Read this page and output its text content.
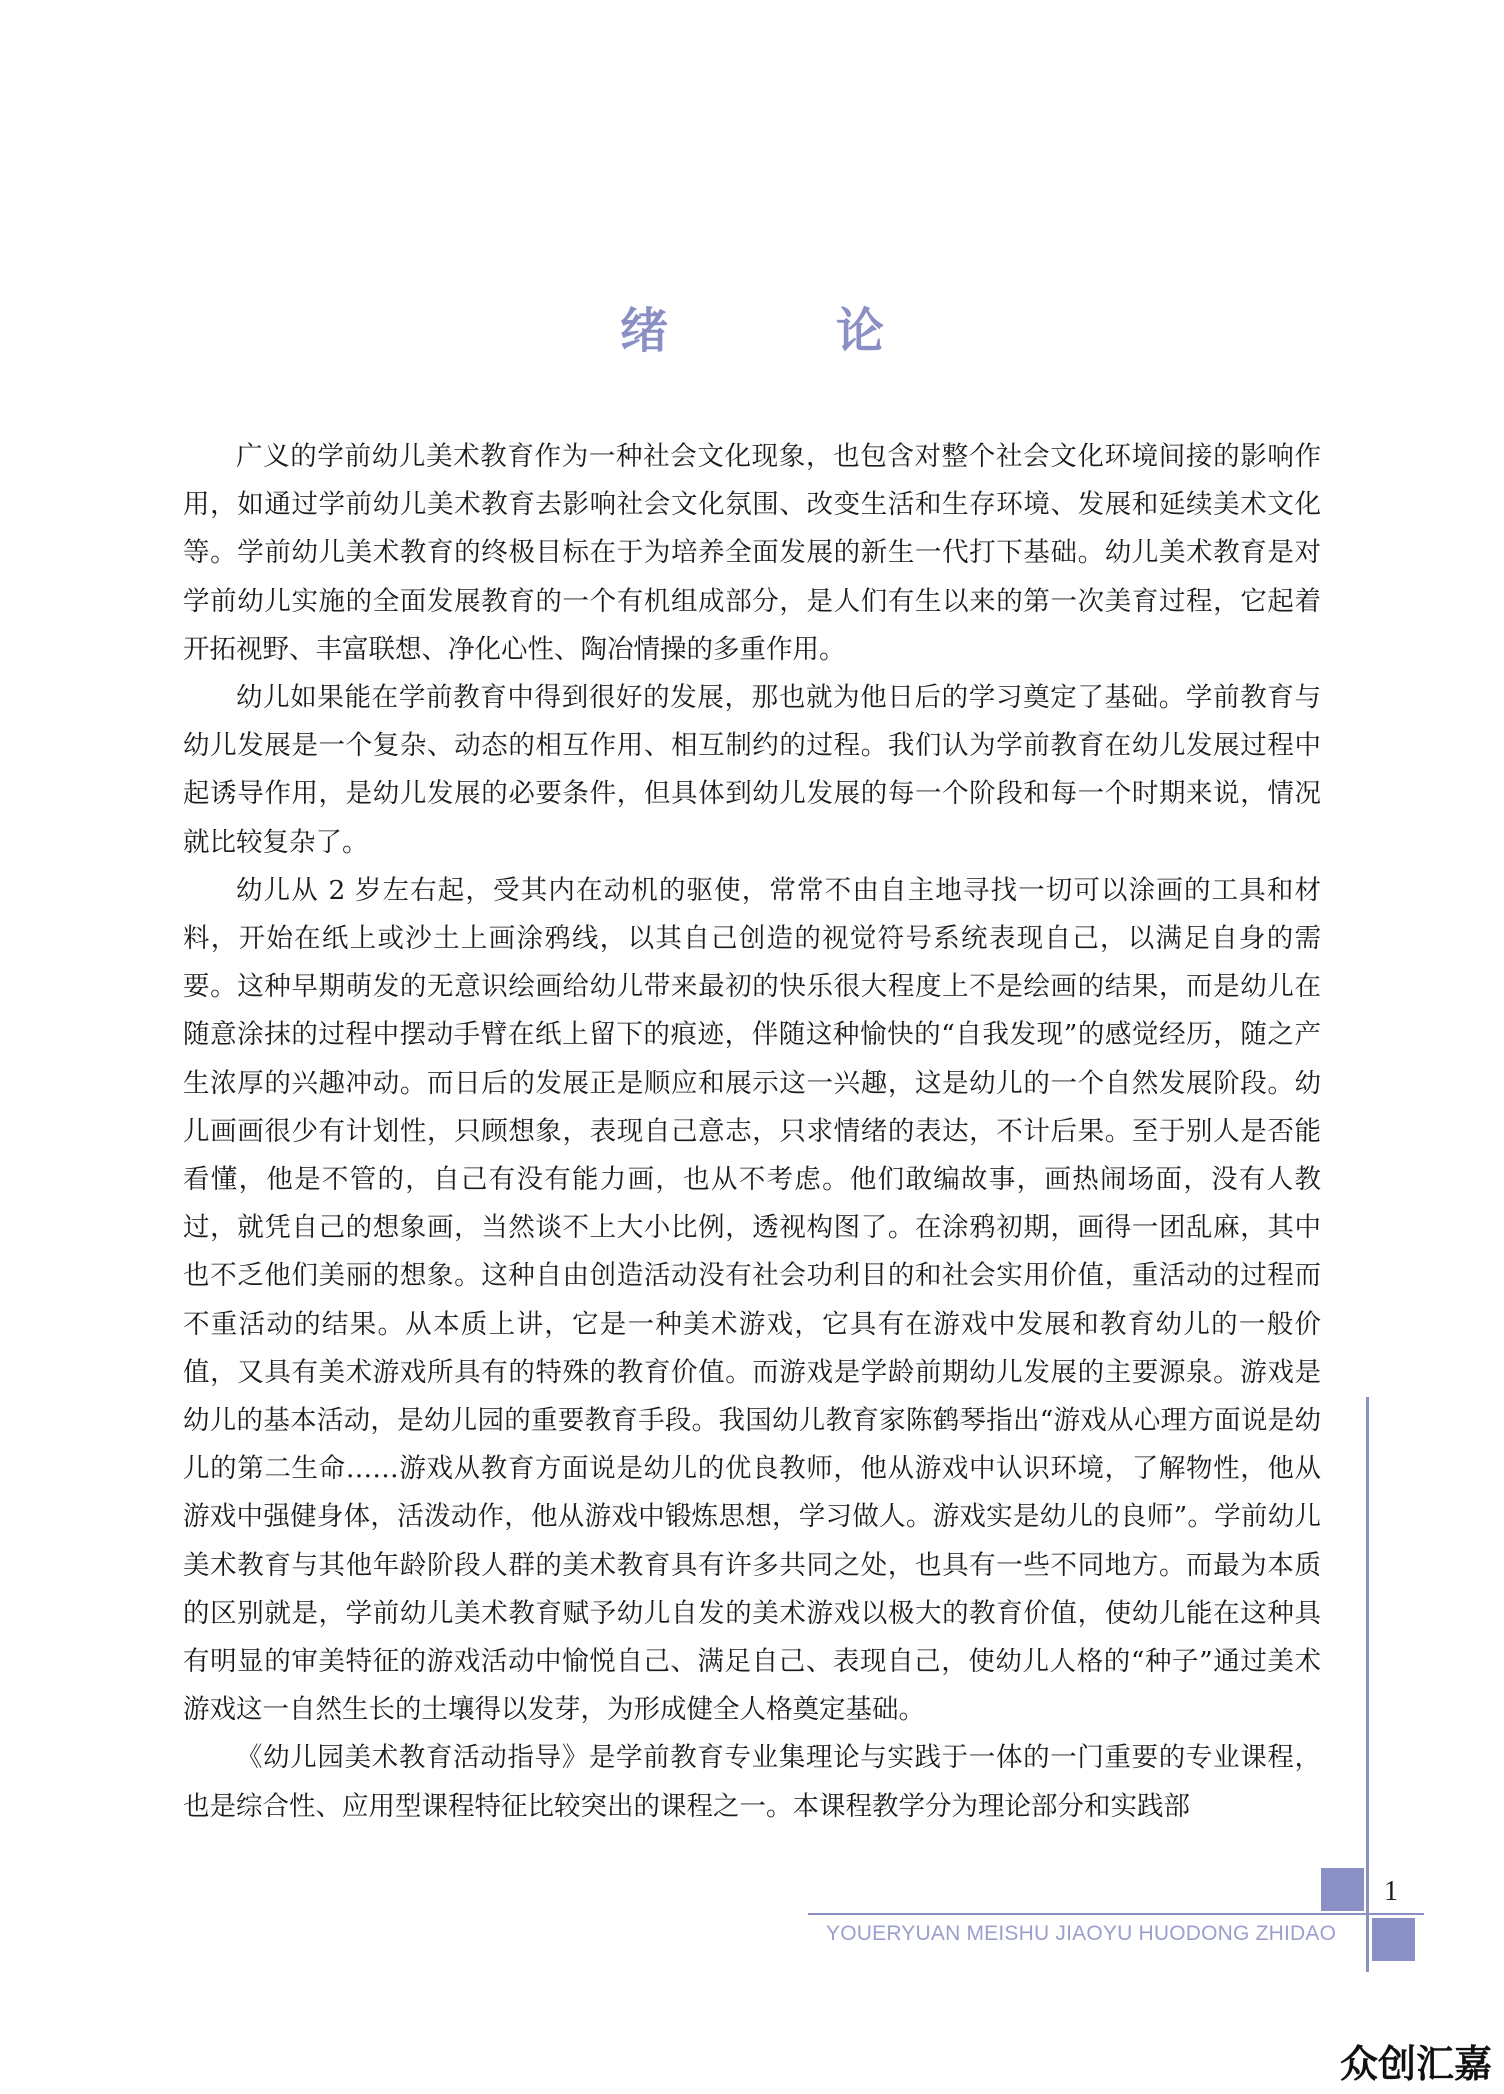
绪　论

广义的学前幼儿美术教育作为一种社会文化现象，也包含对整个社会文化环境间接的影响作用，如通过学前幼儿美术教育去影响社会文化氛围、改变生活和生存环境、发展和延续美术文化等。学前幼儿美术教育的终极目标在于为培养全面发展的新生一代打下基础。幼儿美术教育是对学前幼儿实施的全面发展教育的一个有机组成部分，是人们有生以来的第一次美育过程，它起着开拓视野、丰富联想、净化心性、陶冶情操的多重作用。

幼儿如果能在学前教育中得到很好的发展，那也就为他日后的学习奠定了基础。学前教育与幼儿发展是一个复杂、动态的相互作用、相互制约的过程。我们认为学前教育在幼儿发展过程中起诱导作用，是幼儿发展的必要条件，但具体到幼儿发展的每一个阶段和每一个时期来说，情况就比较复杂了。

幼儿从 2 岁左右起，受其内在动机的驱使，常常不由自主地寻找一切可以涂画的工具和材料，开始在纸上或沙土上画涂鸦线，以其自己创造的视觉符号系统表现自己，以满足自身的需要。这种早期萌发的无意识绘画给幼儿带来最初的快乐很大程度上不是绘画的结果，而是幼儿在随意涂抹的过程中摆动手臂在纸上留下的痕迹，伴随这种愉快的“自我发现”的感觉经历，随之产生浓厚的兴趣冲动。而日后的发展正是顺应和展示这一兴趣，这是幼儿的一个自然发展阶段。幼儿画画很少有计划性，只顾想象，表现自己意志，只求情绪的表达，不计后果。至于别人是否能看懂，他是不管的，自己有没有能力画，也从不考虑。他们敢编故事，画热闹场面，没有人教过，就凭自己的想象画，当然谈不上大小比例，透视构图了。在涂鸦初期，画得一团乱麻，其中也不乏他们美丽的想象。这种自由创造活动没有社会功利目的和社会实用价值，重活动的过程而不重活动的结果。从本质上讲，它是一种美术游戏，它具有在游戏中发展和教育幼儿的一般价值，又具有美术游戏所具有的特殊的教育价值。而游戏是学龄前期幼儿发展的主要源泉。游戏是幼儿的基本活动，是幼儿园的重要教育手段。我国幼儿教育家陈鹤琴指出“游戏从心理方面说是幼儿的第二生命……游戏从教育方面说是幼儿的优良教师，他从游戏中认识环境，了解物性，他从游戏中强健身体，活泼动作，他从游戏中锻炼思想，学习做人。游戏实是幼儿的良师”。学前幼儿美术教育与其他年龄阶段人群的美术教育具有许多共同之处，也具有一些不同地方。而最为本质的区别就是，学前幼儿美术教育赋予幼儿自发的美术游戏以极大的教育价值，使幼儿能在这种具有明显的审美特征的游戏活动中愉悦自己、满足自己、表现自己，使幼儿人格的“种子”通过美术游戏这一自然生长的土壤得以发芽，为形成健全人格奠定基础。

《幼儿园美术教育活动指导》是学前教育专业集理论与实践于一体的一门重要的专业课程，也是综合性、应用型课程特征比较突出的课程之一。本课程教学分为理论部分和实践部

1
YOUERYUAN MEISHU JIAOYU HUODONG ZHIDAO
众创汇嘉
